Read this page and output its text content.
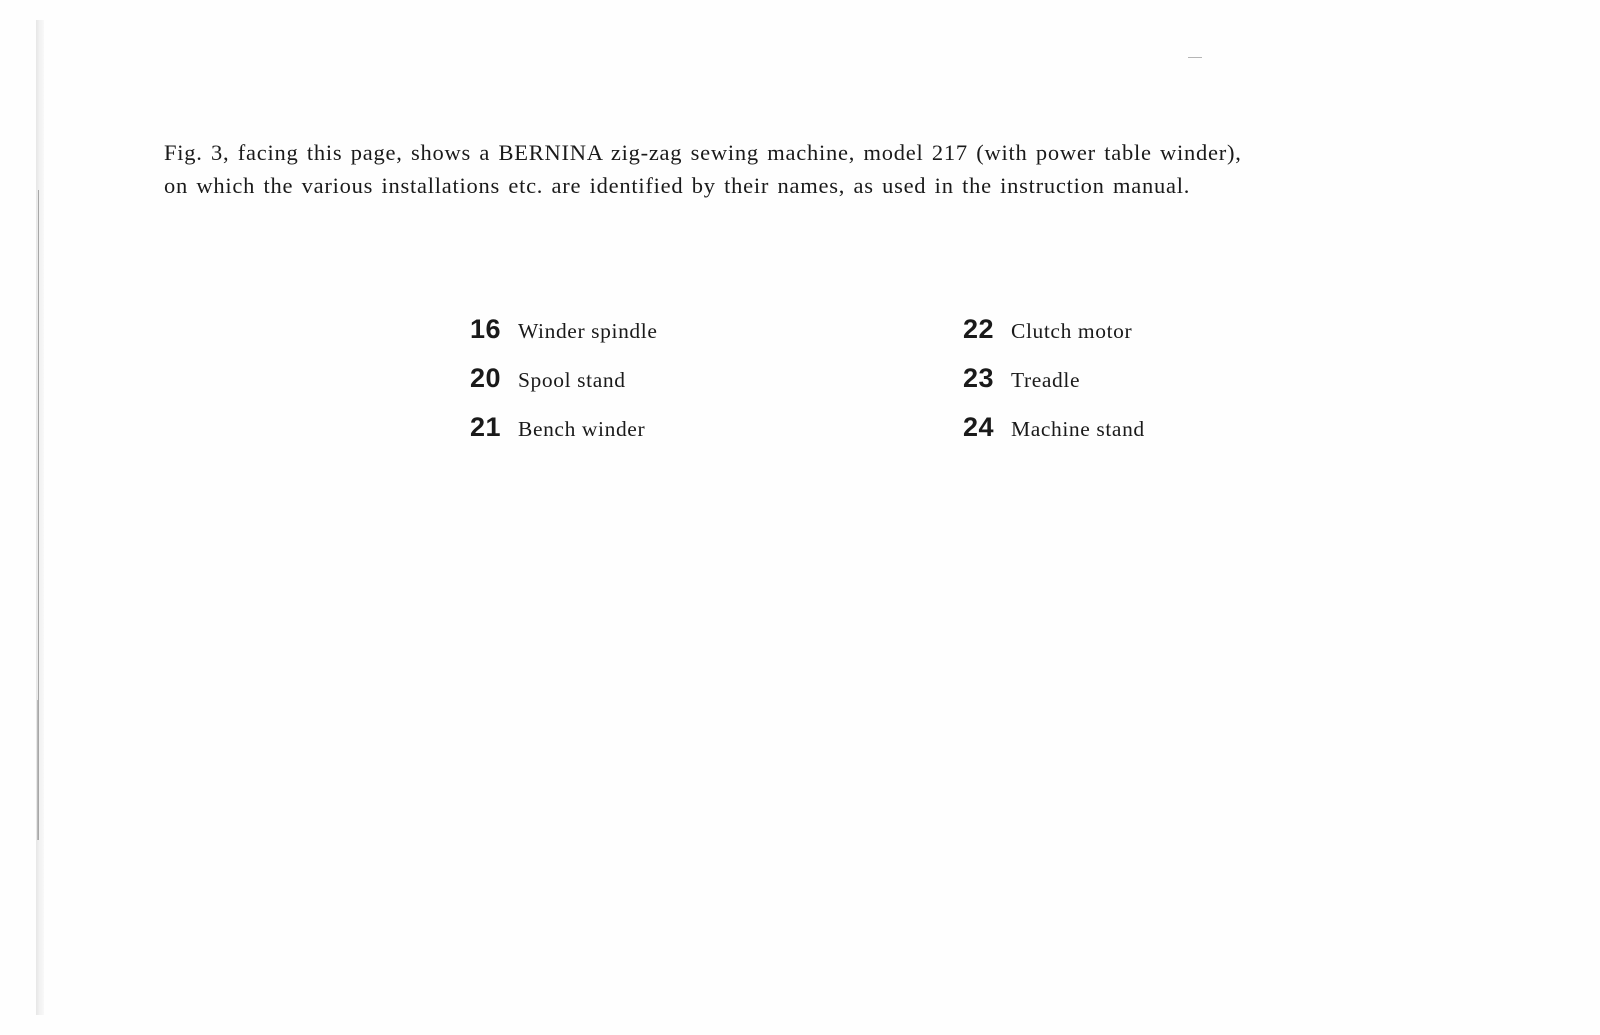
Fig. 3, facing this page, shows a BERNINA zig-zag sewing machine, model 217 (with power table winder),
on which the various installations etc. are identified by their names, as used in the instruction manual.

16 Winder spindle
20 Spool stand
21 Bench winder
22 Clutch motor
23 Treadle
24 Machine stand
